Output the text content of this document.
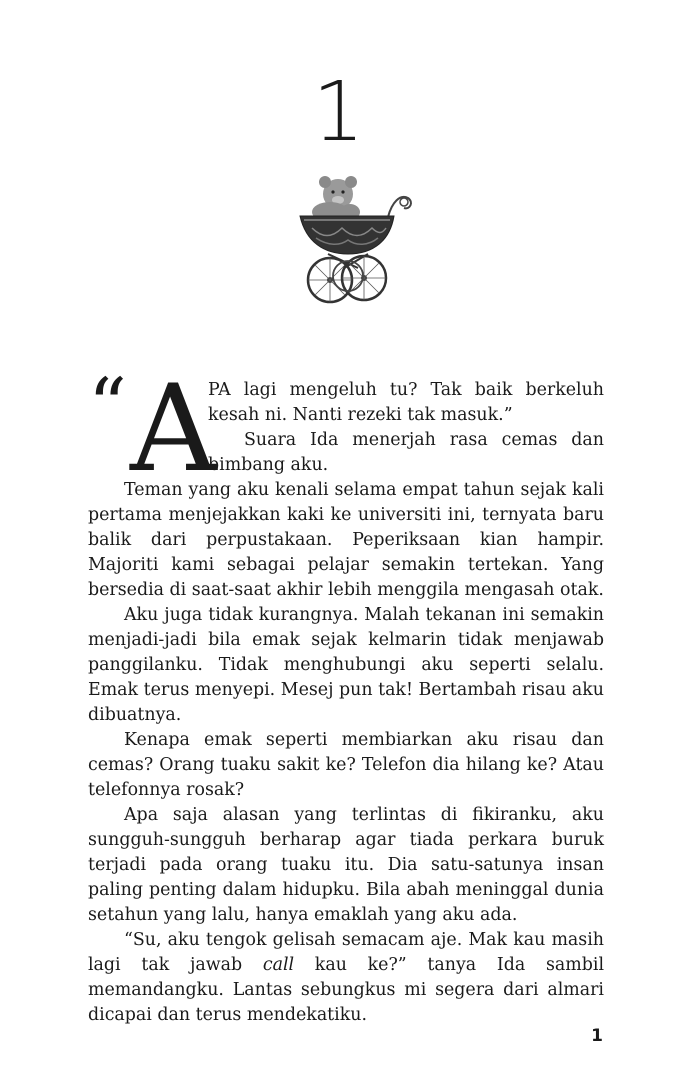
1
“ A

PA lagi mengeluh tu? Tak baik berkeluh kesah ni. Nanti rezeki tak masuk.”

Suara Ida menerjah rasa cemas dan bimbang aku.

Teman yang aku kenali selama empat tahun sejak kali pertama menjejakkan kaki ke universiti ini, ternyata baru balik dari perpustakaan. Peperiksaan kian hampir. Majoriti kami sebagai pelajar semakin tertekan. Yang bersedia di saat-saat akhir lebih menggila mengasah otak.

Aku juga tidak kurangnya. Malah tekanan ini semakin menjadi-jadi bila emak sejak kelmarin tidak menjawab panggilanku. Tidak menghubungi aku seperti selalu. Emak terus menyepi. Mesej pun tak! Bertambah risau aku dibuatnya.

Kenapa emak seperti membiarkan aku risau dan cemas? Orang tuaku sakit ke? Telefon dia hilang ke? Atau telefonnya rosak?

Apa saja alasan yang terlintas di fikiranku, aku sungguh-sungguh berharap agar tiada perkara buruk terjadi pada orang tuaku itu. Dia satu-satunya insan paling penting dalam hidupku. Bila abah meninggal dunia setahun yang lalu, hanya emaklah yang aku ada.

“Su, aku tengok gelisah semacam aje. Mak kau masih lagi tak jawab call kau ke?” tanya Ida sambil memandangku. Lantas sebungkus mi segera dari almari dicapai dan terus mendekatiku.

1
